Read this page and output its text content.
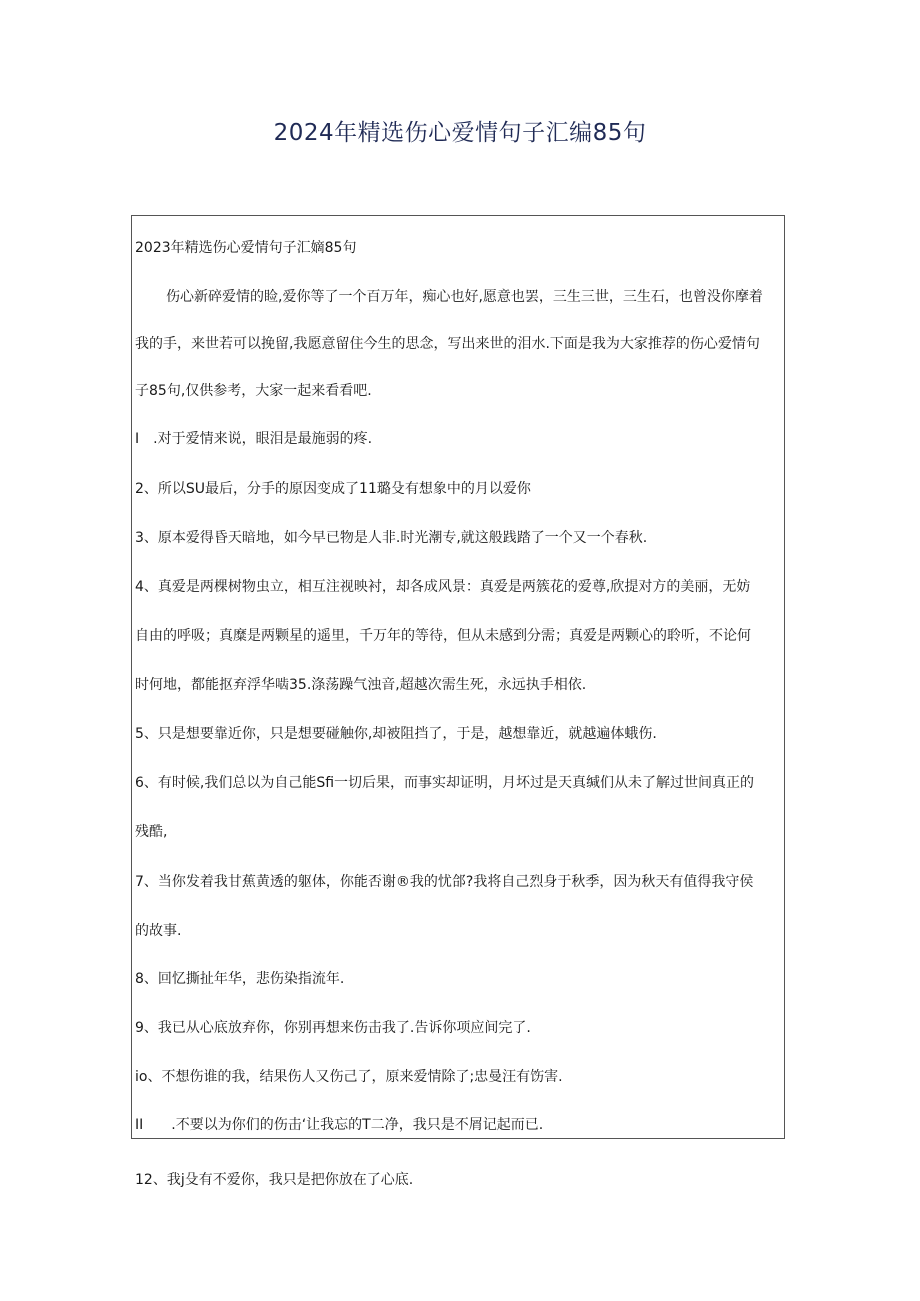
2024年精选伤心爱情句子汇编85句
2023年精选伤心爱情句子汇嫡85句
伤心新碎爱情的睑,爱你等了一个百万年，痴心也好,愿意也罢，三生三世，三生石，也曾没你摩着
我的手，来世若可以挽留,我愿意留住今生的思念，写出来世的泪水.下面是我为大家推荐的伤心爱情句
子85句,仅供参考，大家一起来看看吧.
I　.对于爱情来说，眼泪是最施弱的疼.
2、所以SU最后，分手的原因变成了11璐殳有想象中的月以爱你
3、原本爱得昏天暗地，如今早已物是人非.时光潮专,就这般践踏了一个又一个春秋.
4、真爱是两棵树物虫立，相互注视映衬，却各成风景：真爱是两簇花的爱尊,欣提对方的美丽，无妨
自由的呼吸；真糜是两颗星的遥里，千万年的等待，但从未感到分需；真爱是两颗心的聆听，不论何
时何地，都能抠弃浮华啮35.涤荡躁气浊音,超越次需生死，永远执手相依.
5、只是想要靠近你，只是想要碰触你,却被阻挡了，于是，越想靠近，就越遍体蛾伤.
6、有时候,我们总以为自己能Sfi一切后果，而事实却证明，月坏过是天真缄们从未了解过世间真正的
残酷,
7、当你发着我甘蕉黄透的躯体，你能否谢®我的忧郃?我将自己烈身于秋季，因为秋天有值得我守侯
的故事.
8、回忆撕扯年华，悲伤染指流年.
9、我已从心底放弃你，你别再想来伤击我了.告诉你项应间完了.
io、不想伤谁的我，结果伤人又伤己了，原来爱情除了;忠曼汪有饬害.
II　　.不要以为你们的伤击‘让我忘的T二净，我只是不屑记起而已.
12、我j殳有不爱你，我只是把你放在了心底.
